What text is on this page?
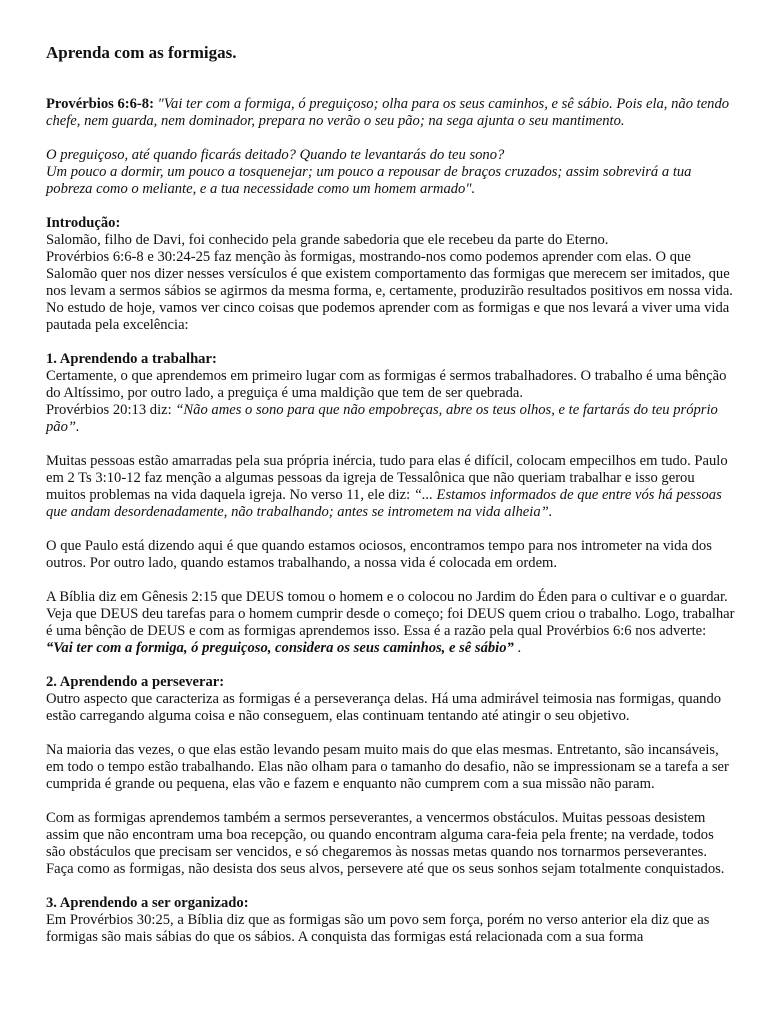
Aprenda com as formigas.

Provérbios 6:6-8: "Vai ter com a formiga, ó preguiçoso; olha para os seus caminhos, e sê sábio. Pois ela, não tendo chefe, nem guarda, nem dominador, prepara no verão o seu pão; na sega ajunta o seu mantimento.

O preguiçoso, até quando ficarás deitado? Quando te levantarás do teu sono?
Um pouco a dormir, um pouco a tosquenejar; um pouco a repousar de braços cruzados; assim sobrevirá a tua pobreza como o meliante, e a tua necessidade como um homem armado".

Introdução:
Salomão, filho de Davi, foi conhecido pela grande sabedoria que ele recebeu da parte do Eterno.
Provérbios 6:6-8 e 30:24-25 faz menção às formigas, mostrando-nos como podemos aprender com elas. O que Salomão quer nos dizer nesses versículos é que existem comportamento das formigas que merecem ser imitados, que nos levam a sermos sábios se agirmos da mesma forma, e, certamente, produzirão resultados positivos em nossa vida. No estudo de hoje, vamos ver cinco coisas que podemos aprender com as formigas e que nos levará a viver uma vida pautada pela excelência:

1. Aprendendo a trabalhar:
Certamente, o que aprendemos em primeiro lugar com as formigas é sermos trabalhadores. O trabalho é uma bênção do Altíssimo, por outro lado, a preguiça é uma maldição que tem de ser quebrada.
Provérbios 20:13 diz: “Não ames o sono para que não empobreças, abre os teus olhos, e te fartarás do teu próprio pão”.

Muitas pessoas estão amarradas pela sua própria inércia, tudo para elas é difícil, colocam empecilhos em tudo. Paulo em 2 Ts 3:10-12 faz menção a algumas pessoas da igreja de Tessalônica que não queriam trabalhar e isso gerou muitos problemas na vida daquela igreja. No verso 11, ele diz: “... Estamos informados de que entre vós há pessoas que andam desordenadamente, não trabalhando; antes se intrometem na vida alheia”.

O que Paulo está dizendo aqui é que quando estamos ociosos, encontramos tempo para nos intrometer na vida dos outros. Por outro lado, quando estamos trabalhando, a nossa vida é colocada em ordem.

A Bíblia diz em Gênesis 2:15 que DEUS tomou o homem e o colocou no Jardim do Éden para o cultivar e o guardar. Veja que DEUS deu tarefas para o homem cumprir desde o começo; foi DEUS quem criou o trabalho. Logo, trabalhar é uma bênção de DEUS e com as formigas aprendemos isso. Essa é a razão pela qual Provérbios 6:6 nos adverte: “Vai ter com a formiga, ó preguiçoso, considera os seus caminhos, e sê sábio” .

2. Aprendendo a perseverar:
Outro aspecto que caracteriza as formigas é a perseverança delas. Há uma admirável teimosia nas formigas, quando estão carregando alguma coisa e não conseguem, elas continuam tentando até atingir o seu objetivo.

Na maioria das vezes, o que elas estão levando pesam muito mais do que elas mesmas. Entretanto, são incansáveis, em todo o tempo estão trabalhando. Elas não olham para o tamanho do desafio, não se impressionam se a tarefa a ser cumprida é grande ou pequena, elas vão e fazem e enquanto não cumprem com a sua missão não param.

Com as formigas aprendemos também a sermos perseverantes, a vencermos obstáculos. Muitas pessoas desistem assim que não encontram uma boa recepção, ou quando encontram alguma cara-feia pela frente; na verdade, todos são obstáculos que precisam ser vencidos, e só chegaremos às nossas metas quando nos tornarmos perseverantes. Faça como as formigas, não desista dos seus alvos, persevere até que os seus sonhos sejam totalmente conquistados.

3. Aprendendo a ser organizado:
Em Provérbios 30:25, a Bíblia diz que as formigas são um povo sem força, porém no verso anterior ela diz que as formigas são mais sábias do que os sábios. A conquista das formigas está relacionada com a sua forma
